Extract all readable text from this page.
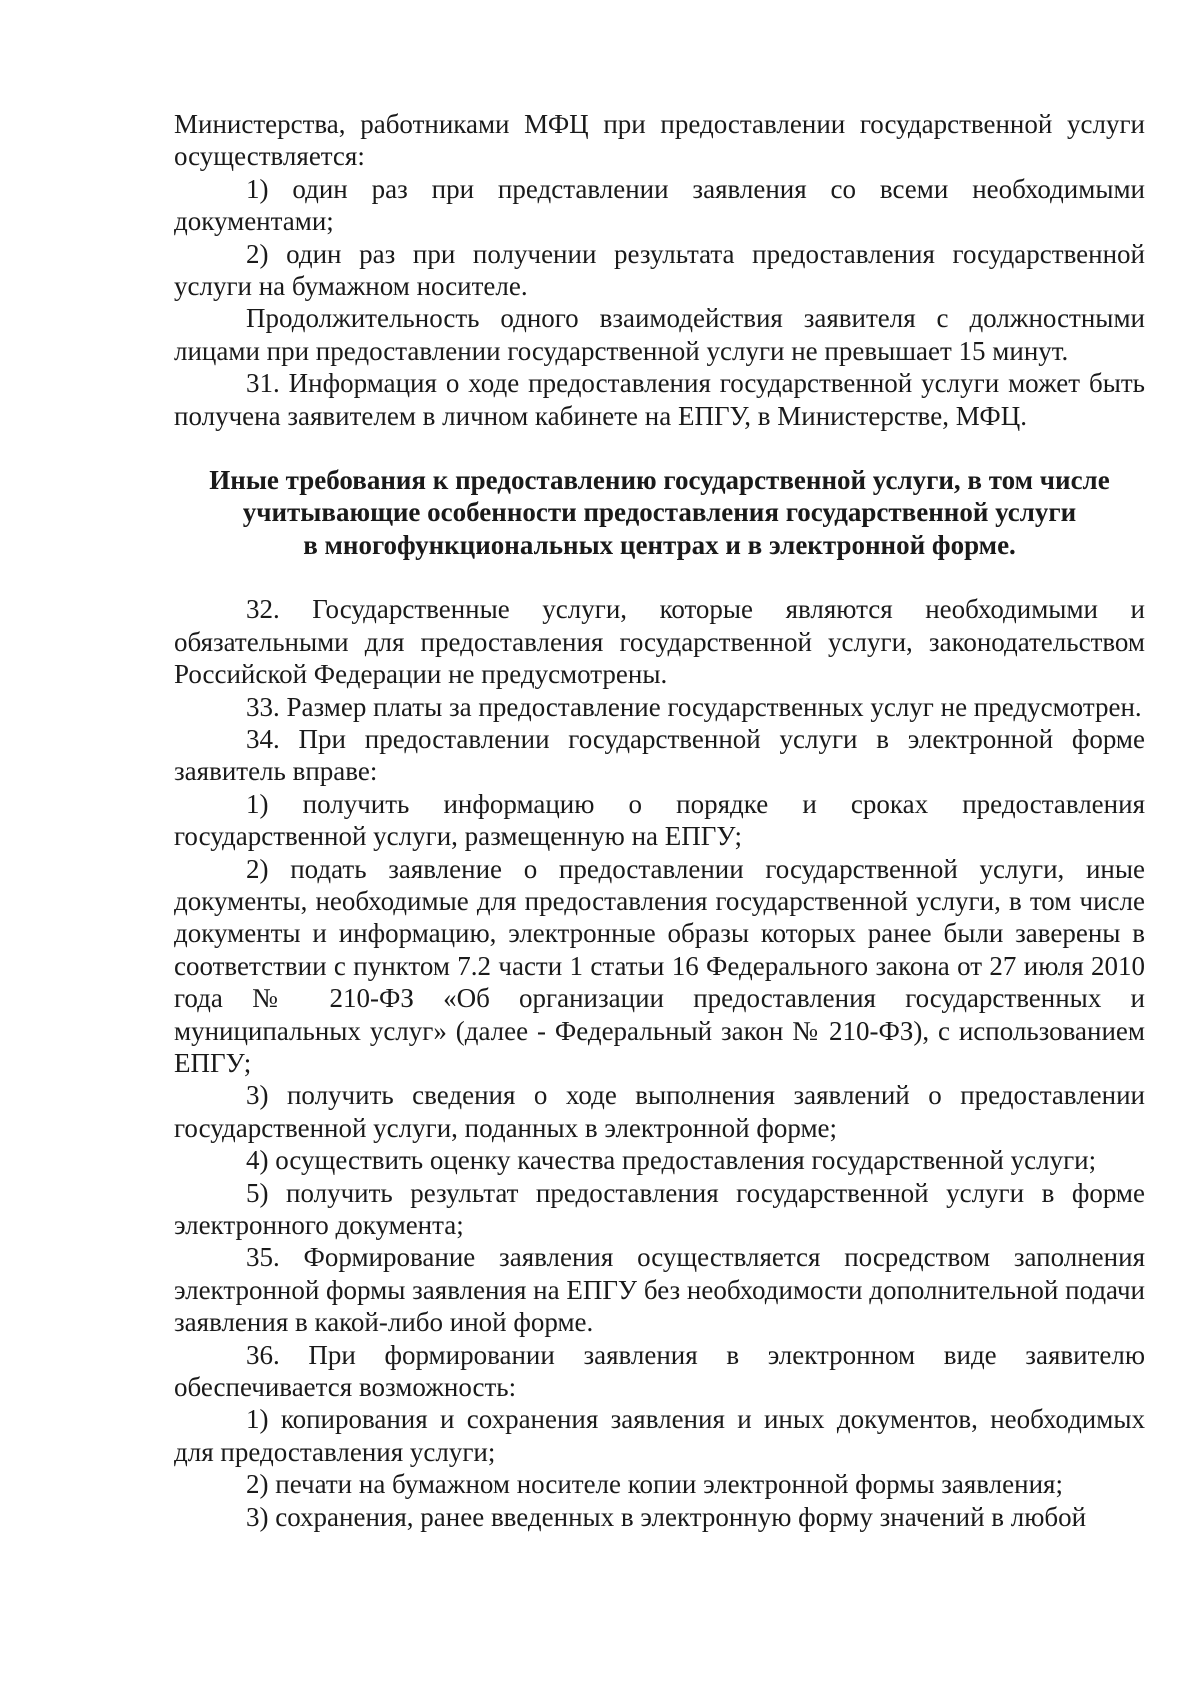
Министерства, работниками МФЦ при предоставлении государственной услуги осуществляется:

1) один раз при представлении заявления со всеми необходимыми документами;

2) один раз при получении результата предоставления государственной услуги на бумажном носителе.

Продолжительность одного взаимодействия заявителя с должностными лицами при предоставлении государственной услуги не превышает 15 минут.

31. Информация о ходе предоставления государственной услуги может быть получена заявителем в личном кабинете на ЕПГУ, в Министерстве, МФЦ.

Иные требования к предоставлению государственной услуги, в том числе

учитывающие особенности предоставления государственной услуги

в многофункциональных центрах и в электронной форме.

32. Государственные услуги, которые являются необходимыми и обязательными для предоставления государственной услуги, законодательством Российской Федерации не предусмотрены.

33. Размер платы за предоставление государственных услуг не предусмотрен.

34. При предоставлении государственной услуги в электронной форме заявитель вправе:

1) получить информацию о порядке и сроках предоставления государственной услуги, размещенную на ЕПГУ;

2) подать заявление о предоставлении государственной услуги, иные документы, необходимые для предоставления государственной услуги, в том числе документы и информацию, электронные образы которых ранее были заверены в соответствии с пунктом 7.2 части 1 статьи 16 Федерального закона от 27 июля 2010 года № 210-ФЗ «Об организации предоставления государственных и муниципальных услуг» (далее - Федеральный закон № 210-ФЗ), с использованием ЕПГУ;

3) получить сведения о ходе выполнения заявлений о предоставлении государственной услуги, поданных в электронной форме;

4) осуществить оценку качества предоставления государственной услуги;

5) получить результат предоставления государственной услуги в форме электронного документа;

35. Формирование заявления осуществляется посредством заполнения электронной формы заявления на ЕПГУ без необходимости дополнительной подачи заявления в какой-либо иной форме.

36. При формировании заявления в электронном виде заявителю обеспечивается возможность:

1) копирования и сохранения заявления и иных документов, необходимых для предоставления услуги;

2) печати на бумажном носителе копии электронной формы заявления;

3) сохранения, ранее введенных в электронную форму значений в любой
